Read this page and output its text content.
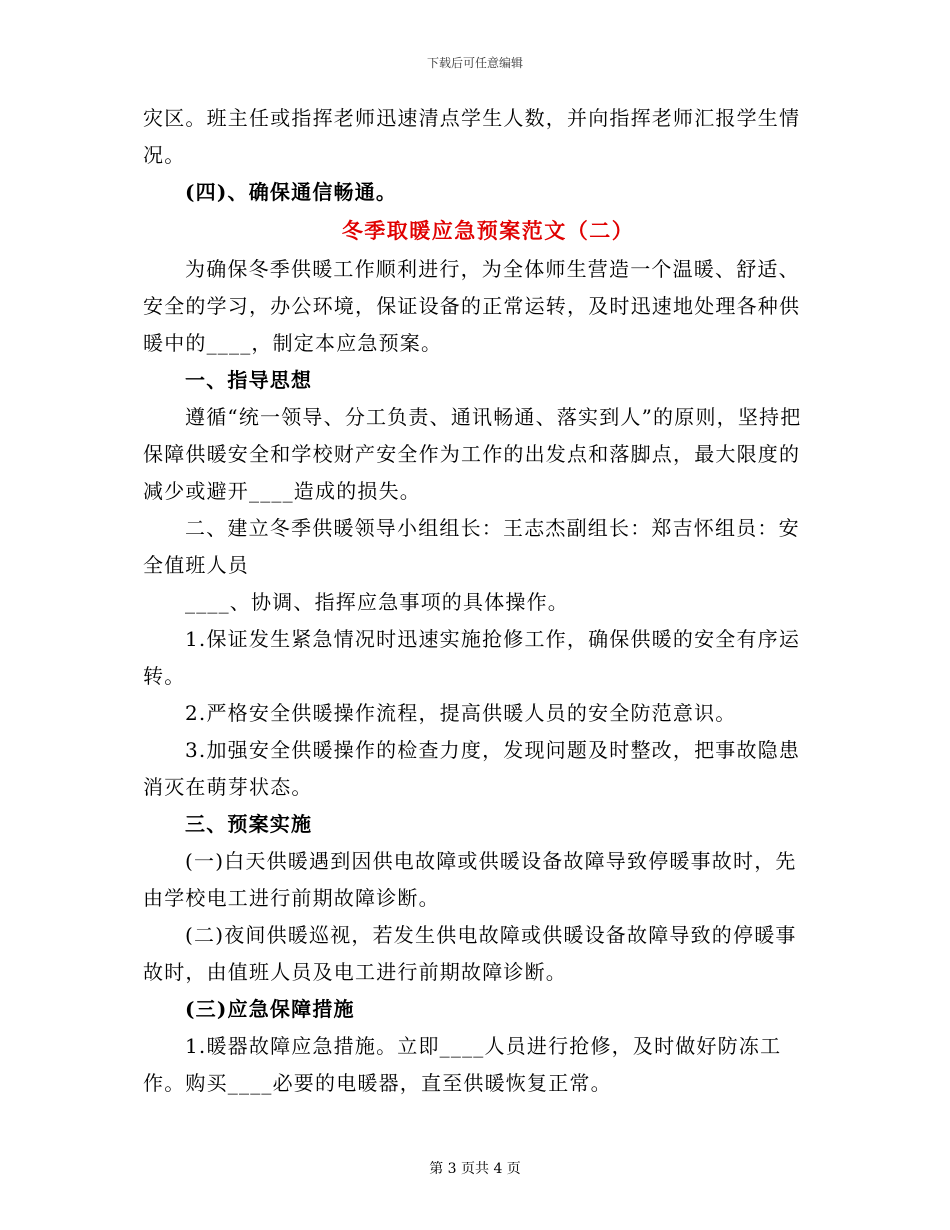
下载后可任意编辑

灾区。班主任或指挥老师迅速清点学生人数，并向指挥老师汇报学生情况。

(四)、确保通信畅通。

冬季取暖应急预案范文（二）

为确保冬季供暖工作顺利进行，为全体师生营造一个温暖、舒适、安全的学习，办公环境，保证设备的正常运转，及时迅速地处理各种供暖中的____，制定本应急预案。

一、指导思想

遵循“统一领导、分工负责、通讯畅通、落实到人”的原则，坚持把保障供暖安全和学校财产安全作为工作的出发点和落脚点，最大限度的减少或避开____造成的损失。

二、建立冬季供暖领导小组组长：王志杰副组长：郑吉怀组员：安全值班人员

____、协调、指挥应急事项的具体操作。

1.保证发生紧急情况时迅速实施抢修工作，确保供暖的安全有序运转。

2.严格安全供暖操作流程，提高供暖人员的安全防范意识。

3.加强安全供暖操作的检查力度，发现问题及时整改，把事故隐患消灭在萌芽状态。

三、预案实施

(一)白天供暖遇到因供电故障或供暖设备故障导致停暖事故时，先由学校电工进行前期故障诊断。

(二)夜间供暖巡视，若发生供电故障或供暖设备故障导致的停暖事故时，由值班人员及电工进行前期故障诊断。

(三)应急保障措施

1.暖器故障应急措施。立即____人员进行抢修，及时做好防冻工作。购买____必要的电暖器，直至供暖恢复正常。

第 3 页共 4 页
